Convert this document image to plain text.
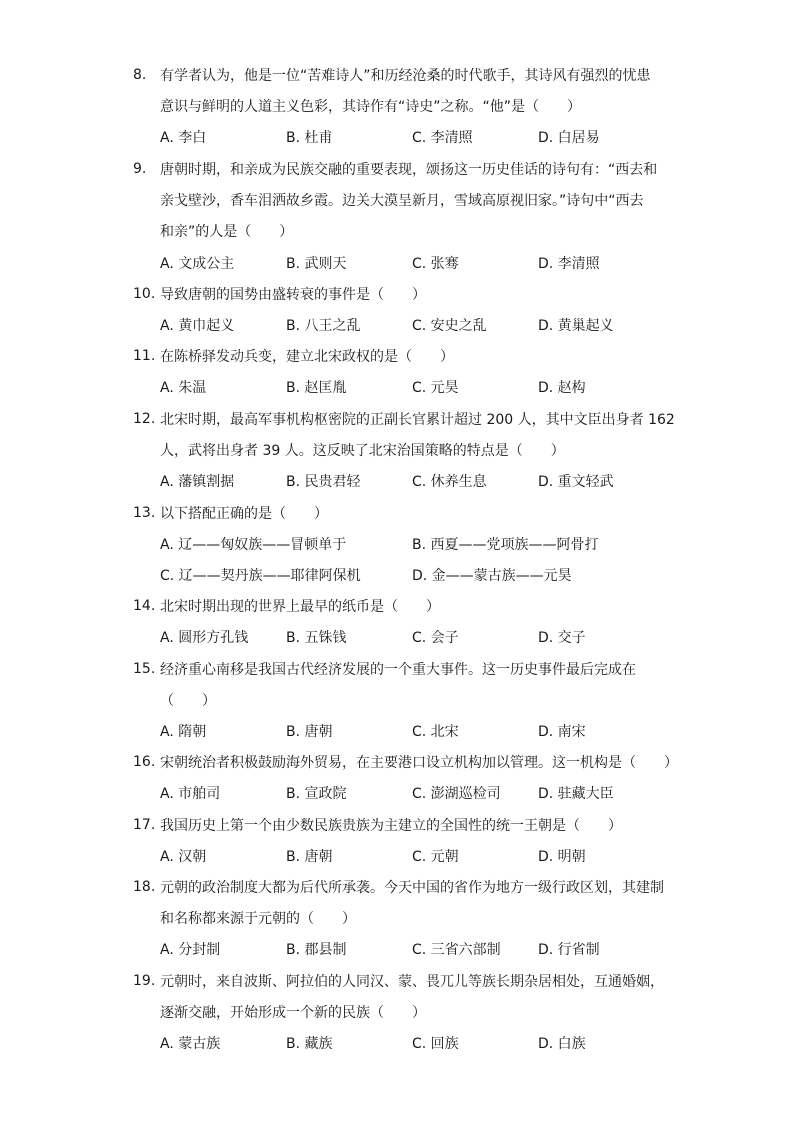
8. 有学者认为，他是一位“苦难诗人”和历经沧桑的时代歌手，其诗风有强烈的忧患
意识与鲜明的人道主义色彩，其诗作有“诗史”之称。“他”是（　　）
A. 李白	B. 杜甫	C. 李清照	D. 白居易
9. 唐朝时期，和亲成为民族交融的重要表现，颂扬这一历史佳话的诗句有：“西去和
亲戈壁沙，香车泪洒故乡霞。边关大漠呈新月，雪域高原视旧家。”诗句中“西去
和亲”的人是（　　）
A. 文成公主	B. 武则天	C. 张骞	D. 李清照
10. 导致唐朝的国势由盛转衰的事件是（　　）
A. 黄巾起义	B. 八王之乱	C. 安史之乱	D. 黄巢起义
11. 在陈桥驿发动兵变，建立北宋政权的是（　　）
A. 朱温	B. 赵匡胤	C. 元昊	D. 赵构
12. 北宋时期，最高军事机构枢密院的正副长官累计超过 200 人，其中文臣出身者 162
人，武将出身者 39 人。这反映了北宋治国策略的特点是（　　）
A. 藩镇割据	B. 民贵君轻	C. 休养生息	D. 重文轻武
13. 以下搭配正确的是（　　）
A. 辽——匈奴族——冒顿单于	B. 西夏——党项族——阿骨打
C. 辽——契丹族——耶律阿保机	D. 金——蒙古族——元昊
14. 北宋时期出现的世界上最早的纸币是（　　）
A. 圆形方孔钱	B. 五铢钱	C. 会子	D. 交子
15. 经济重心南移是我国古代经济发展的一个重大事件。这一历史事件最后完成在
（　　）
A. 隋朝	B. 唐朝	C. 北宋	D. 南宋
16. 宋朝统治者积极鼓励海外贸易，在主要港口设立机构加以管理。这一机构是（　　）
A. 市舶司	B. 宣政院	C. 澎湖巡检司	D. 驻藏大臣
17. 我国历史上第一个由少数民族贵族为主建立的全国性的统一王朝是（　　）
A. 汉朝	B. 唐朝	C. 元朝	D. 明朝
18. 元朝的政治制度大都为后代所承袭。今天中国的省作为地方一级行政区划，其建制
和名称都来源于元朝的（　　）
A. 分封制	B. 郡县制	C. 三省六部制	D. 行省制
19. 元朝时，来自波斯、阿拉伯的人同汉、蒙、畏兀儿等族长期杂居相处，互通婚姻，
逐渐交融，开始形成一个新的民族（　　）
A. 蒙古族	B. 藏族	C. 回族	D. 白族
